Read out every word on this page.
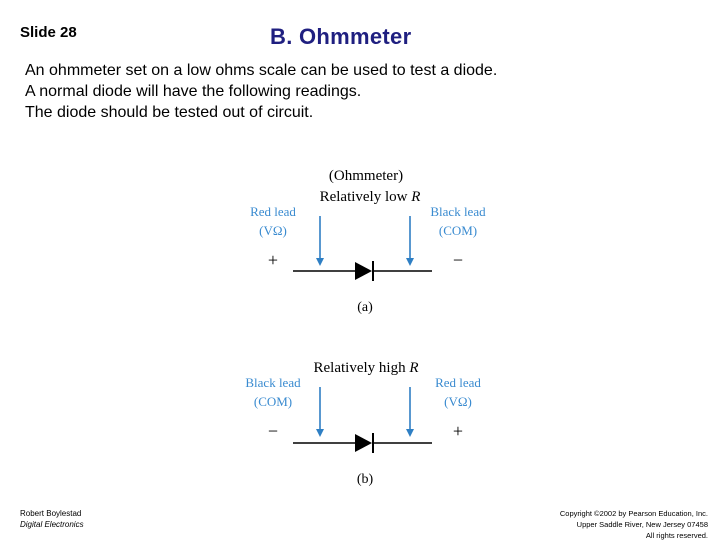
Slide 28	B. Ohmmeter
An ohmmeter set on a low ohms scale can be used to test a diode.
A normal diode will have the following readings.
The diode should be tested out of circuit.
(Ohmmeter)
Relatively low R
Red lead
(VΩ)
Black lead
(COM)
+	−
(a)
Relatively high R
Black lead
(COM)
Red lead
(VΩ)
−	+
(b)
Robert Boylestad
Digital Electronics
Copyright ©2002 by Pearson Education, Inc.
Upper Saddle River, New Jersey 07458
All rights reserved.
